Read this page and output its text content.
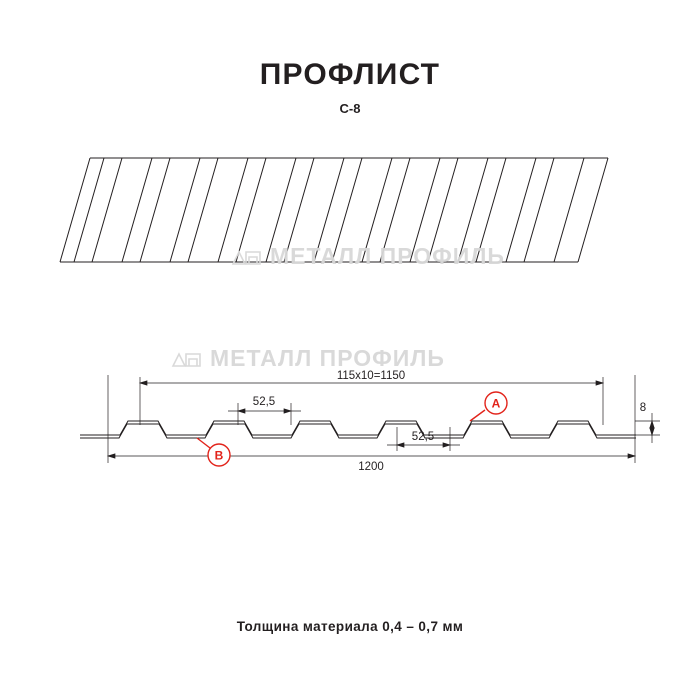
ПРОФЛИСТ
С-8
МЕТАЛЛ ПРОФИЛЬ
МЕТАЛЛ ПРОФИЛЬ
115х10=1150
1200
52,5
52,5
8
A
B
Толщина материала 0,4 – 0,7 мм
